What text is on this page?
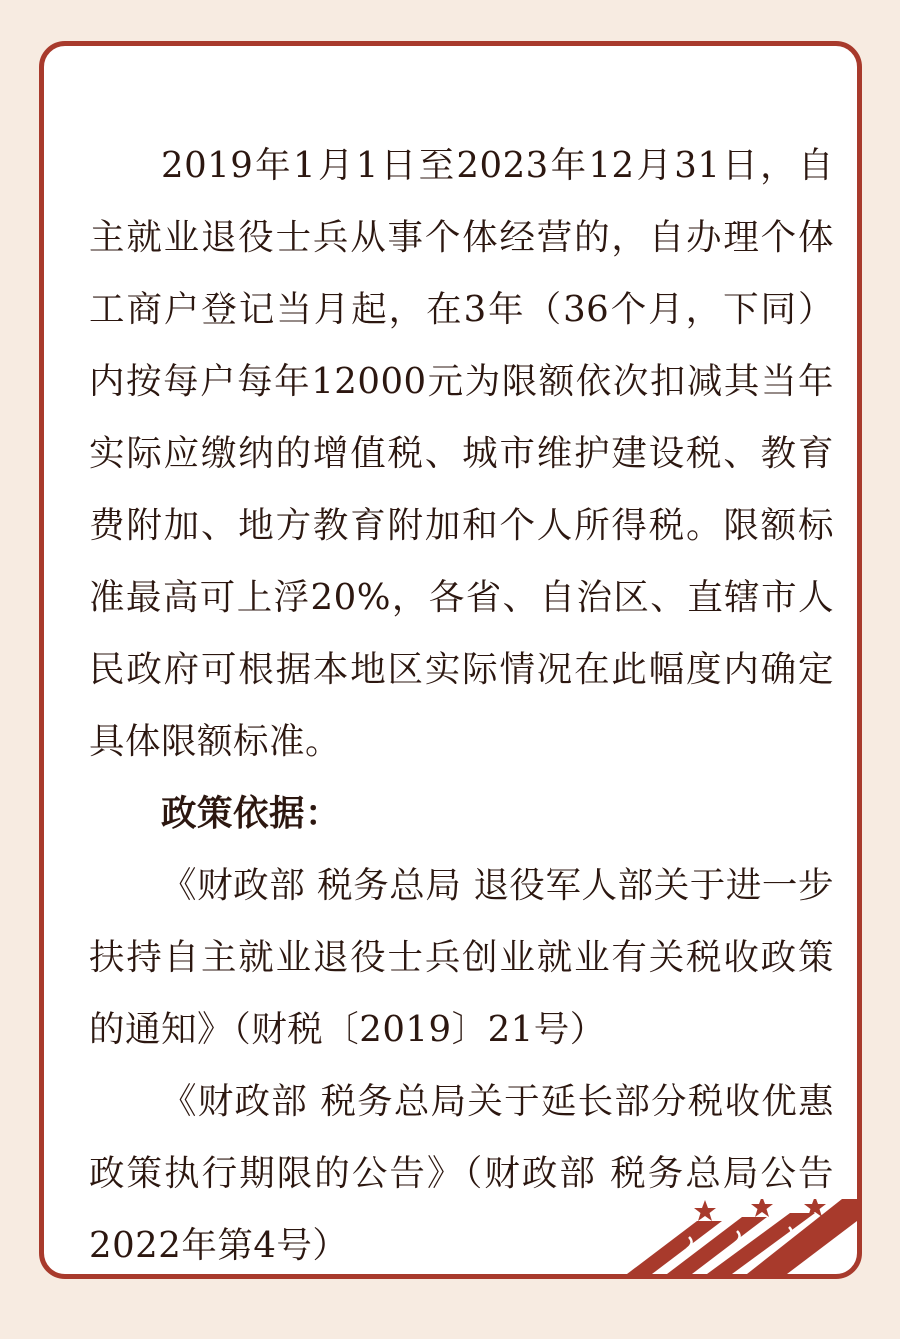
2019年1月1日至2023年12月31日，自主就业退役士兵从事个体经营的，自办理个体工商户登记当月起，在3年（36个月，下同）内按每户每年12000元为限额依次扣减其当年实际应缴纳的增值税、城市维护建设税、教育费附加、地方教育附加和个人所得税。限额标准最高可上浮20%，各省、自治区、直辖市人民政府可根据本地区实际情况在此幅度内确定具体限额标准。

政策依据：

《财政部 税务总局 退役军人部关于进一步扶持自主就业退役士兵创业就业有关税收政策的通知》（财税〔2019〕21号）

《财政部 税务总局关于延长部分税收优惠政策执行期限的公告》（财政部 税务总局公告2022年第4号）
